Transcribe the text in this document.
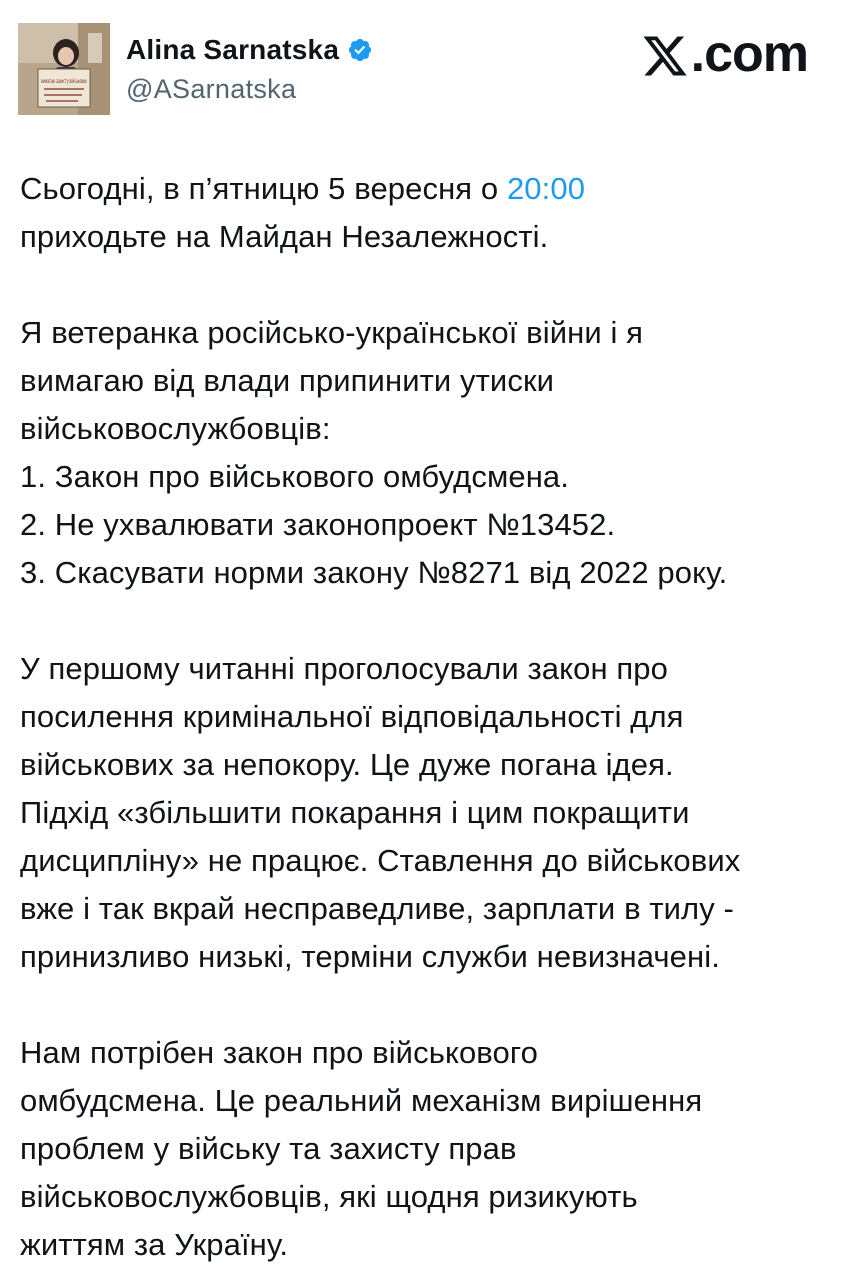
вимагаю захисту військових
Alina Sarnatska
@ASarnatska
.com
Сьогодні, в п’ятницю 5 вересня о 20:00
приходьте на Майдан Незалежності.
Я ветеранка російсько-української війни і я
вимагаю від влади припинити утиски
військовослужбовців:
1. Закон про військового омбудсмена.
2. Не ухвалювати законопроект №13452.
3. Скасувати норми закону №8271 від 2022 року.
У першому читанні проголосували закон про
посилення кримінальної відповідальності для
військових за непокору. Це дуже погана ідея.
Підхід «збільшити покарання і цим покращити
дисципліну» не працює. Ставлення до військових
вже і так вкрай несправедливе, зарплати в тилу -
принизливо низькі, терміни служби невизначені.
Нам потрібен закон про військового
омбудсмена. Це реальний механізм вирішення
проблем у війську та захисту прав
військовослужбовців, які щодня ризикують
життям за Україну.
